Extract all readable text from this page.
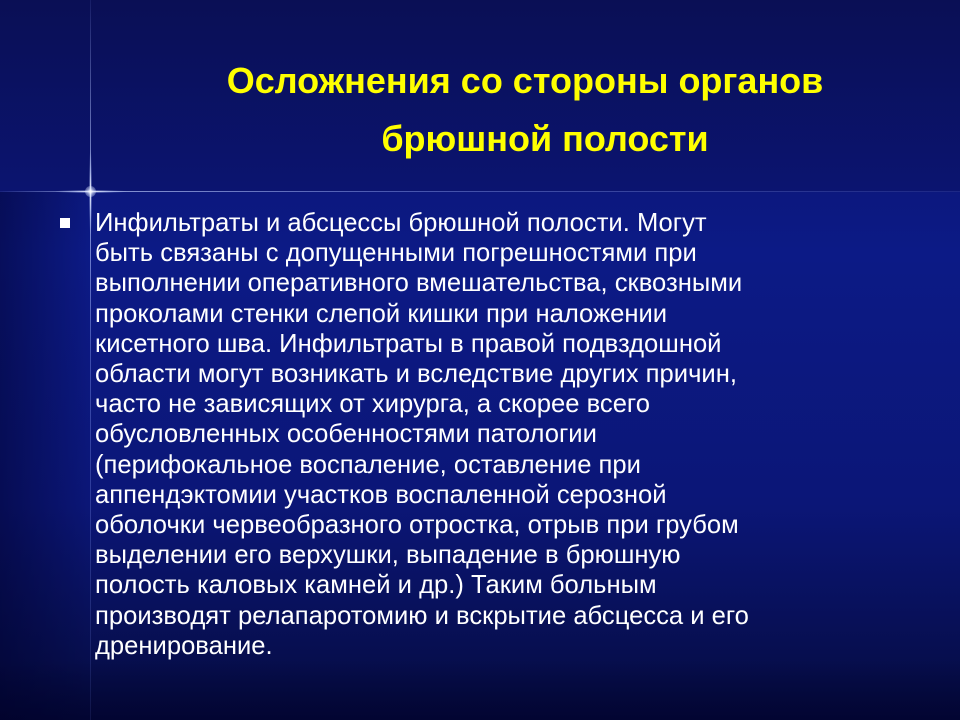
Осложнения со стороны органов
брюшной полости

Инфильтраты и абсцессы брюшной полости. Могут
быть связаны с допущенными погрешностями при
выполнении оперативного вмешательства, сквозными
проколами стенки слепой кишки при наложении
кисетного шва. Инфильтраты в правой подвздошной
области могут возникать и вследствие других причин,
часто не зависящих от хирурга, а скорее всего
обусловленных особенностями патологии
(перифокальное воспаление, оставление при
аппендэктомии участков воспаленной серозной
оболочки червеобразного отростка, отрыв при грубом
выделении его верхушки, выпадение в брюшную
полость каловых камней и др.) Таким больным
производят релапаротомию и вскрытие абсцесса и его
дренирование.
